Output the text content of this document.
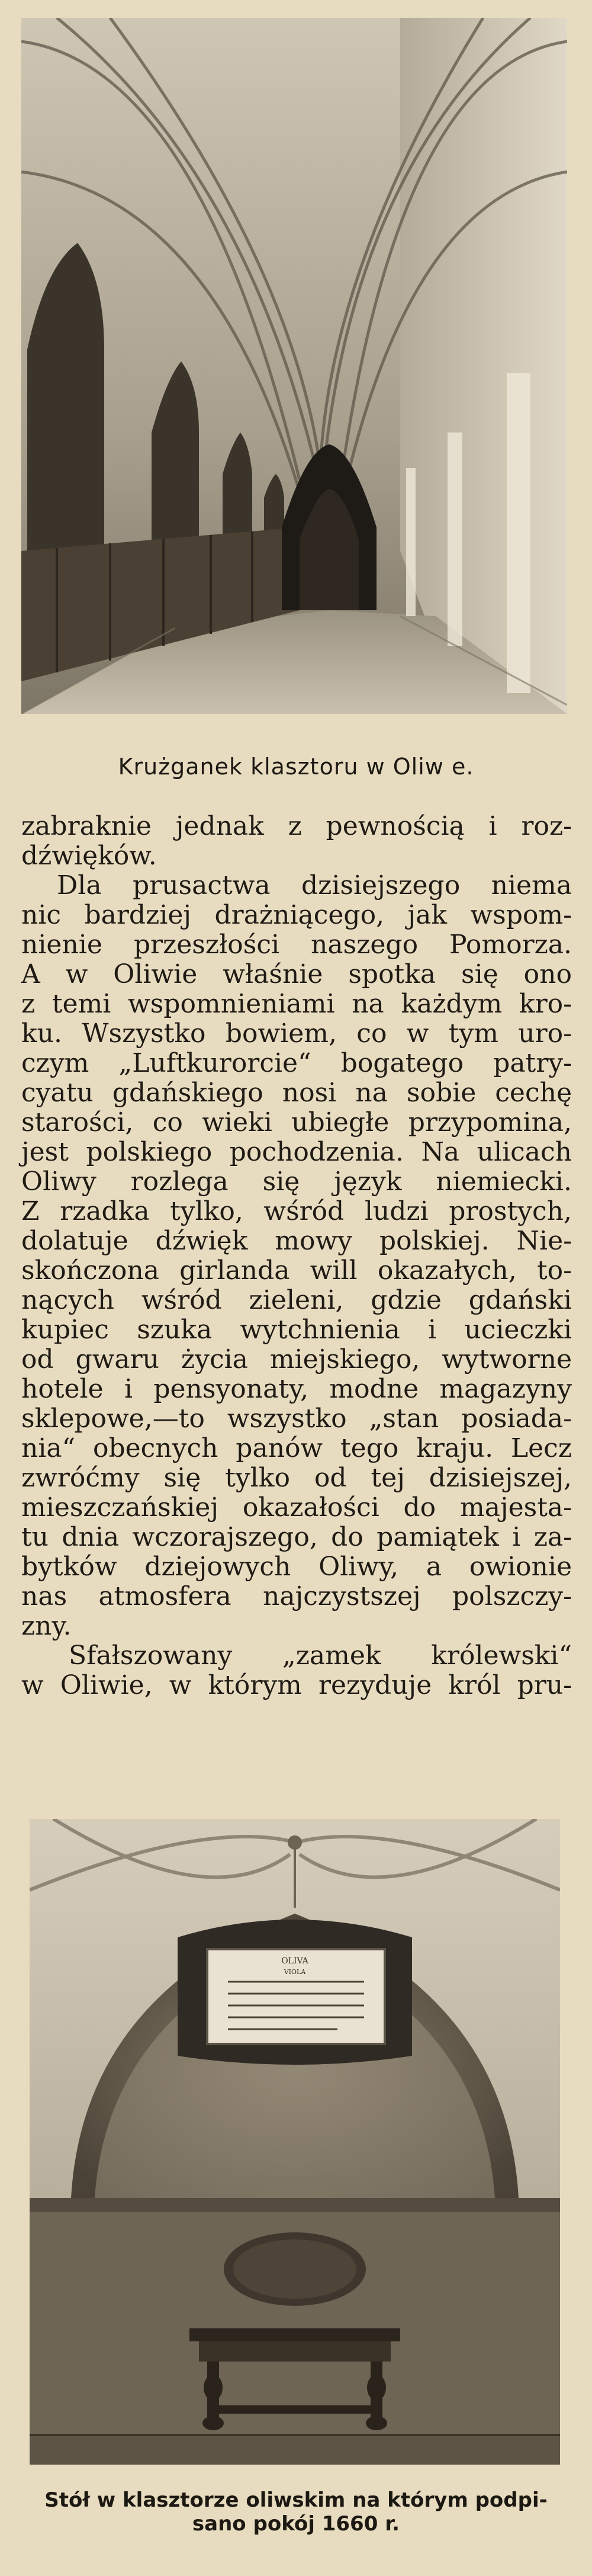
Krużganek klasztoru w Oliw e.
zabraknie jednak z pewnością i roz-
dźwięków.
Dla prusactwa dzisiejszego niema
nic bardziej drażniącego, jak wspom-
nienie przeszłości naszego Pomorza.
A w Oliwie właśnie spotka się ono
z temi wspomnieniami na każdym kro-
ku. Wszystko bowiem, co w tym uro-
czym „Luftkurorcie“ bogatego patry-
cyatu gdańskiego nosi na sobie cechę
starości, co wieki ubiegłe przypomina,
jest polskiego pochodzenia. Na ulicach
Oliwy rozlega się język niemiecki.
Z rzadka tylko, wśród ludzi prostych,
dolatuje dźwięk mowy polskiej. Nie-
skończona girlanda will okazałych, to-
nących wśród zieleni, gdzie gdański
kupiec szuka wytchnienia i ucieczki
od gwaru życia miejskiego, wytworne
hotele i pensyonaty, modne magazyny
sklepowe,—to wszystko „stan posiada-
nia“ obecnych panów tego kraju. Lecz
zwróćmy się tylko od tej dzisiejszej,
mieszczańskiej okazałości do majesta-
tu dnia wczorajszego, do pamiątek i za-
bytków dziejowych Oliwy, a owionie
nas atmosfera najczystszej polszczy-
zny.
Sfałszowany „zamek królewski“
w Oliwie, w którym rezyduje król pru-
OLIVA
VIOLA
Stół w klasztorze oliwskim na którym podpi-
sano pokój 1660 r.
